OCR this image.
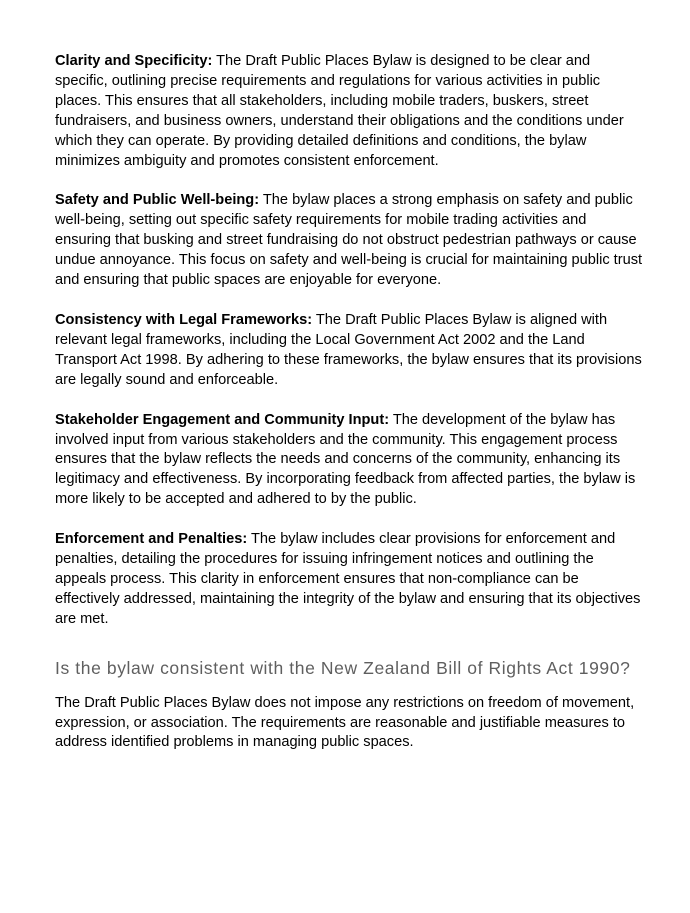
Clarity and Specificity: The Draft Public Places Bylaw is designed to be clear and specific, outlining precise requirements and regulations for various activities in public places. This ensures that all stakeholders, including mobile traders, buskers, street fundraisers, and business owners, understand their obligations and the conditions under which they can operate. By providing detailed definitions and conditions, the bylaw minimizes ambiguity and promotes consistent enforcement.

Safety and Public Well-being: The bylaw places a strong emphasis on safety and public well-being, setting out specific safety requirements for mobile trading activities and ensuring that busking and street fundraising do not obstruct pedestrian pathways or cause undue annoyance. This focus on safety and well-being is crucial for maintaining public trust and ensuring that public spaces are enjoyable for everyone.

Consistency with Legal Frameworks: The Draft Public Places Bylaw is aligned with relevant legal frameworks, including the Local Government Act 2002 and the Land Transport Act 1998. By adhering to these frameworks, the bylaw ensures that its provisions are legally sound and enforceable.

Stakeholder Engagement and Community Input: The development of the bylaw has involved input from various stakeholders and the community. This engagement process ensures that the bylaw reflects the needs and concerns of the community, enhancing its legitimacy and effectiveness. By incorporating feedback from affected parties, the bylaw is more likely to be accepted and adhered to by the public.

Enforcement and Penalties: The bylaw includes clear provisions for enforcement and penalties, detailing the procedures for issuing infringement notices and outlining the appeals process. This clarity in enforcement ensures that non-compliance can be effectively addressed, maintaining the integrity of the bylaw and ensuring that its objectives are met.

Is the bylaw consistent with the New Zealand Bill of Rights Act 1990?

The Draft Public Places Bylaw does not impose any restrictions on freedom of movement, expression, or association. The requirements are reasonable and justifiable measures to address identified problems in managing public spaces.
